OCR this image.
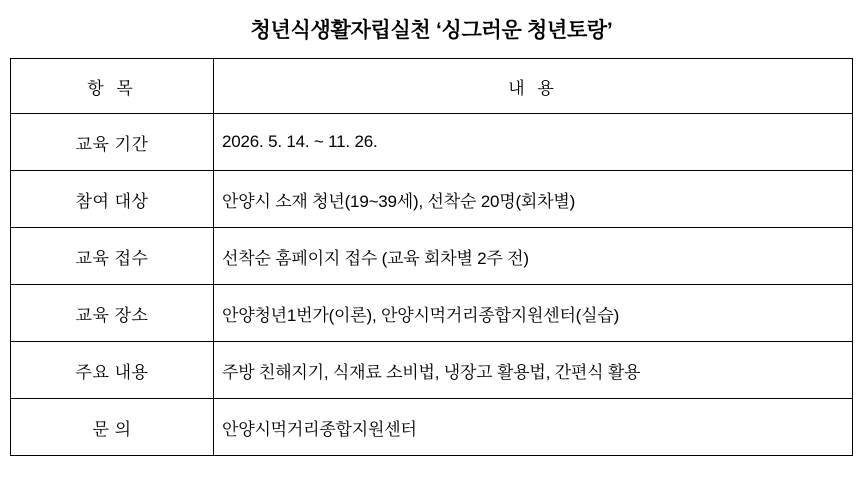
청년식생활자립실천 ‘싱그러운 청년토랑’
항 목	내 용
교육 기간	2026. 5. 14. ~ 11. 26.
참여 대상	안양시 소재 청년(19~39세), 선착순 20명(회차별)
교육 접수	선착순 홈페이지 접수 (교육 회차별 2주 전)
교육 장소	안양청년1번가(이론), 안양시먹거리종합지원센터(실습)
주요 내용	주방 친해지기, 식재료 소비법, 냉장고 활용법, 간편식 활용
문 의	안양시먹거리종합지원센터
